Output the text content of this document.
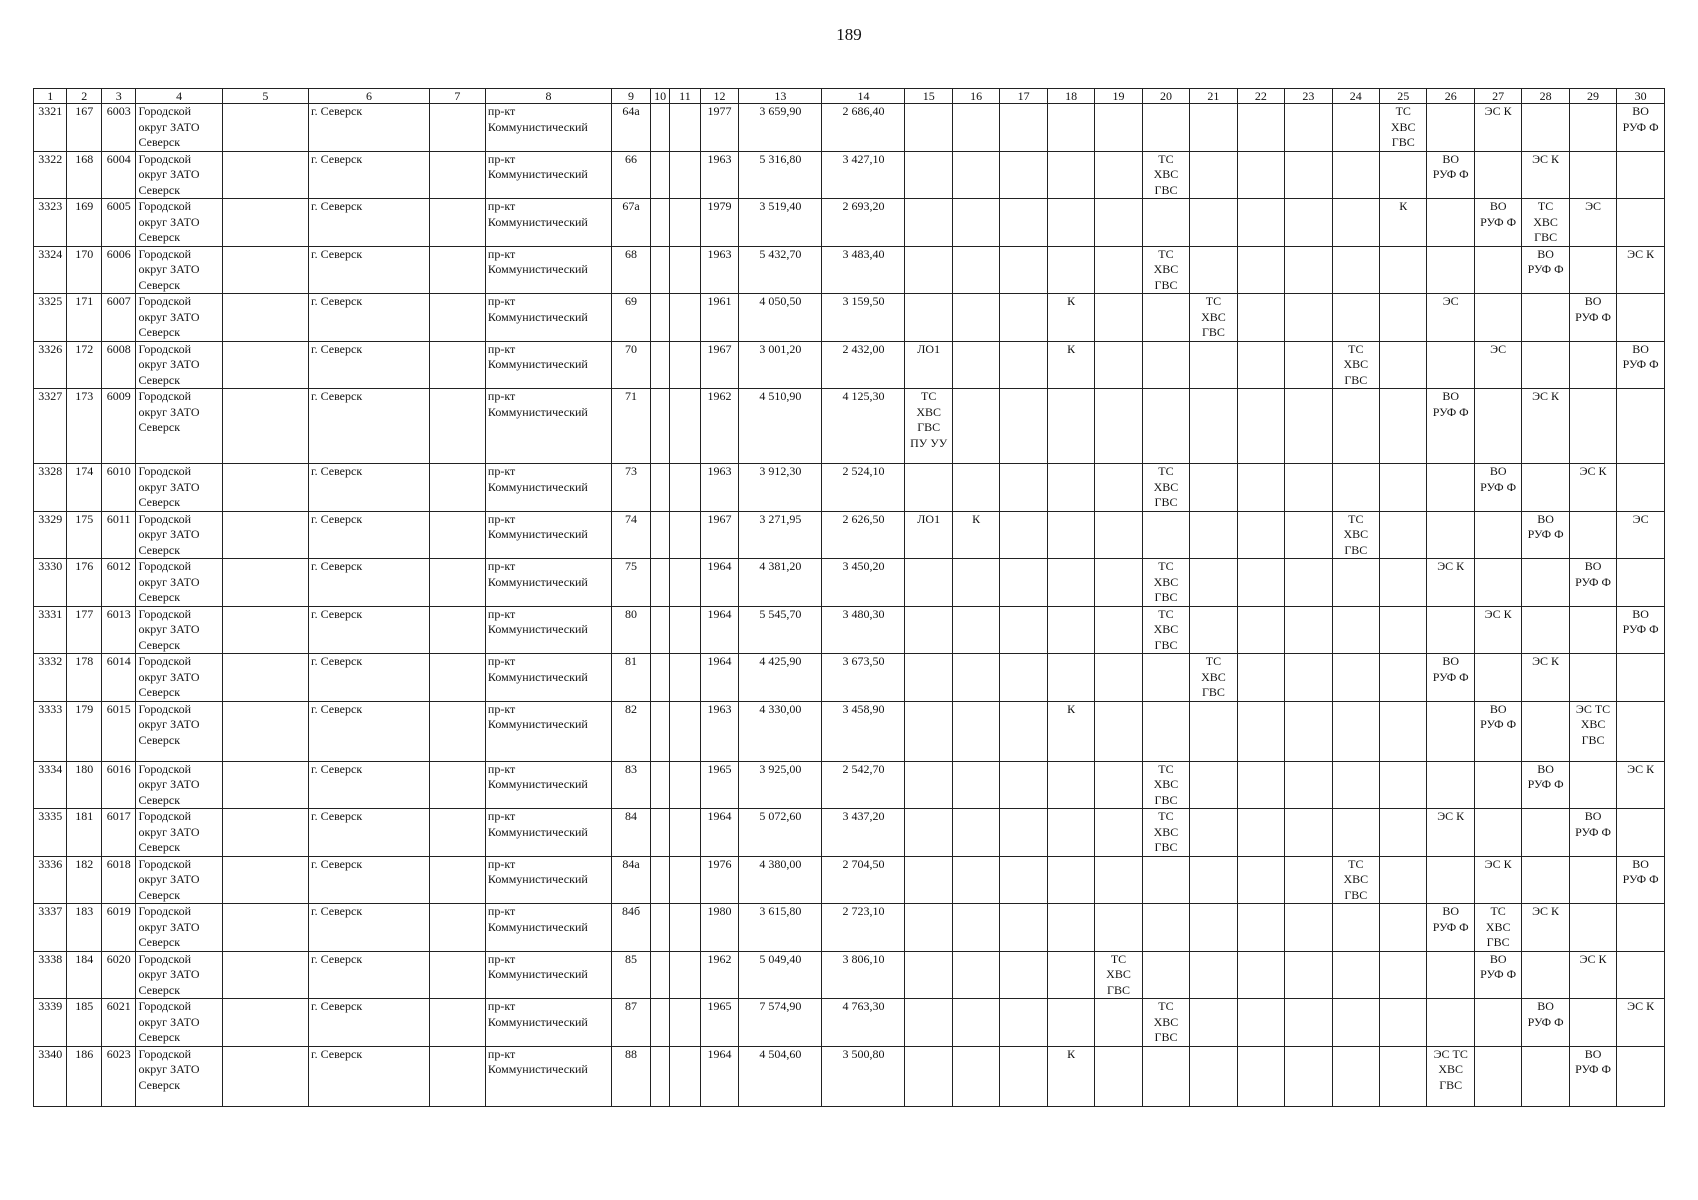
189
1	2	3	4	5	6	7	8	9	10	11	12	13	14	15	16	17	18	19	20	21	22	23	24	25	26	27	28	29	30
3321	167	6003	Городской округ ЗАТО Северск		г. Северск		пр-кт Коммунистический	64а			1977	3 659,90	2 686,40											ТС ХВС ГВС		ЭС К			ВО РУФ Ф
3322	168	6004	Городской округ ЗАТО Северск		г. Северск		пр-кт Коммунистический	66			1963	5 316,80	3 427,10						ТС ХВС ГВС						ВО РУФ Ф		ЭС К		
3323	169	6005	Городской округ ЗАТО Северск		г. Северск		пр-кт Коммунистический	67а			1979	3 519,40	2 693,20											К		ВО РУФ Ф	ТС ХВС ГВС	ЭС	
3324	170	6006	Городской округ ЗАТО Северск		г. Северск		пр-кт Коммунистический	68			1963	5 432,70	3 483,40						ТС ХВС ГВС								ВО РУФ Ф		ЭС К
3325	171	6007	Городской округ ЗАТО Северск		г. Северск		пр-кт Коммунистический	69			1961	4 050,50	3 159,50				К			ТС ХВС ГВС					ЭС			ВО РУФ Ф	
3326	172	6008	Городской округ ЗАТО Северск		г. Северск		пр-кт Коммунистический	70			1967	3 001,20	2 432,00	ЛО1			К						ТС ХВС ГВС			ЭС			ВО РУФ Ф
3327	173	6009	Городской округ ЗАТО Северск		г. Северск		пр-кт Коммунистический	71			1962	4 510,90	4 125,30	ТС ХВС ГВС ПУ УУ											ВО РУФ Ф		ЭС К		
3328	174	6010	Городской округ ЗАТО Северск		г. Северск		пр-кт Коммунистический	73			1963	3 912,30	2 524,10						ТС ХВС ГВС							ВО РУФ Ф		ЭС К	
3329	175	6011	Городской округ ЗАТО Северск		г. Северск		пр-кт Коммунистический	74			1967	3 271,95	2 626,50	ЛО1	К								ТС ХВС ГВС				ВО РУФ Ф		ЭС
3330	176	6012	Городской округ ЗАТО Северск		г. Северск		пр-кт Коммунистический	75			1964	4 381,20	3 450,20						ТС ХВС ГВС						ЭС К			ВО РУФ Ф	
3331	177	6013	Городской округ ЗАТО Северск		г. Северск		пр-кт Коммунистический	80			1964	5 545,70	3 480,30						ТС ХВС ГВС							ЭС К			ВО РУФ Ф
3332	178	6014	Городской округ ЗАТО Северск		г. Северск		пр-кт Коммунистический	81			1964	4 425,90	3 673,50							ТС ХВС ГВС					ВО РУФ Ф		ЭС К		
3333	179	6015	Городской округ ЗАТО Северск		г. Северск		пр-кт Коммунистический	82			1963	4 330,00	3 458,90				К									ВО РУФ Ф		ЭС ТС ХВС ГВС	
3334	180	6016	Городской округ ЗАТО Северск		г. Северск		пр-кт Коммунистический	83			1965	3 925,00	2 542,70						ТС ХВС ГВС								ВО РУФ Ф		ЭС К
3335	181	6017	Городской округ ЗАТО Северск		г. Северск		пр-кт Коммунистический	84			1964	5 072,60	3 437,20						ТС ХВС ГВС						ЭС К			ВО РУФ Ф	
3336	182	6018	Городской округ ЗАТО Северск		г. Северск		пр-кт Коммунистический	84а			1976	4 380,00	2 704,50										ТС ХВС ГВС			ЭС К			ВО РУФ Ф
3337	183	6019	Городской округ ЗАТО Северск		г. Северск		пр-кт Коммунистический	84б			1980	3 615,80	2 723,10												ВО РУФ Ф	ТС ХВС ГВС	ЭС К		
3338	184	6020	Городской округ ЗАТО Северск		г. Северск		пр-кт Коммунистический	85			1962	5 049,40	3 806,10					ТС ХВС ГВС								ВО РУФ Ф		ЭС К	
3339	185	6021	Городской округ ЗАТО Северск		г. Северск		пр-кт Коммунистический	87			1965	7 574,90	4 763,30						ТС ХВС ГВС								ВО РУФ Ф		ЭС К
3340	186	6023	Городской округ ЗАТО Северск		г. Северск		пр-кт Коммунистический	88			1964	4 504,60	3 500,80				К								ЭС ТС ХВС ГВС			ВО РУФ Ф	
